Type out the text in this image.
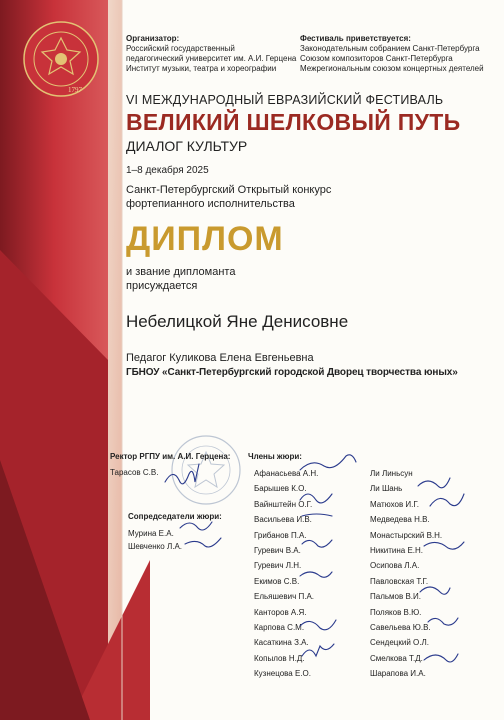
1797
Организатор:
Российский государственный
педагогический университет им. А.И. Герцена
Институт музыки, театра и хореографии
Фестиваль приветствуется:
Законодательным собранием Санкт-Петербурга
Союзом композиторов Санкт-Петербурга
Межрегиональным союзом концертных деятелей
VI МЕЖДУНАРОДНЫЙ ЕВРАЗИЙСКИЙ ФЕСТИВАЛЬ
ВЕЛИКИЙ ШЕЛКОВЫЙ ПУТЬ
ДИАЛОГ КУЛЬТУР
1–8 декабря 2025
Санкт-Петербургский Открытый конкурс
фортепианного исполнительства
ДИПЛОМ
и звание дипломанта
присуждается
Небелицкой Яне Денисовне
Педагог Куликова Елена Евгеньевна
ГБНОУ «Санкт-Петербургский городской Дворец творчества юных»
Ректор РГПУ им. А.И. Герцена:
Тарасов С.В.
Сопредседатели жюри:
Мурина Е.А.
Шевченко Л.А.
Члены жюри:
Афанасьева А.Н.
Барышев К.О.
Вайнштейн О.Г.
Васильева И.В.
Грибанов П.А.
Гуревич В.А.
Гуревич Л.Н.
Екимов С.В.
Ельяшевич П.А.
Канторов А.Я.
Карпова С.М.
Касаткина З.А.
Копылов Н.Д.
Кузнецова Е.О.
Ли Линьсун
Ли Шань
Матюхов И.Г.
Медведева Н.В.
Монастырский В.Н.
Никитина Е.Н.
Осипова Л.А.
Павловская Т.Г.
Пальмов В.И.
Поляков В.Ю.
Савельева Ю.В.
Сендецкий О.Л.
Смелкова Т.Д.
Шарапова И.А.
